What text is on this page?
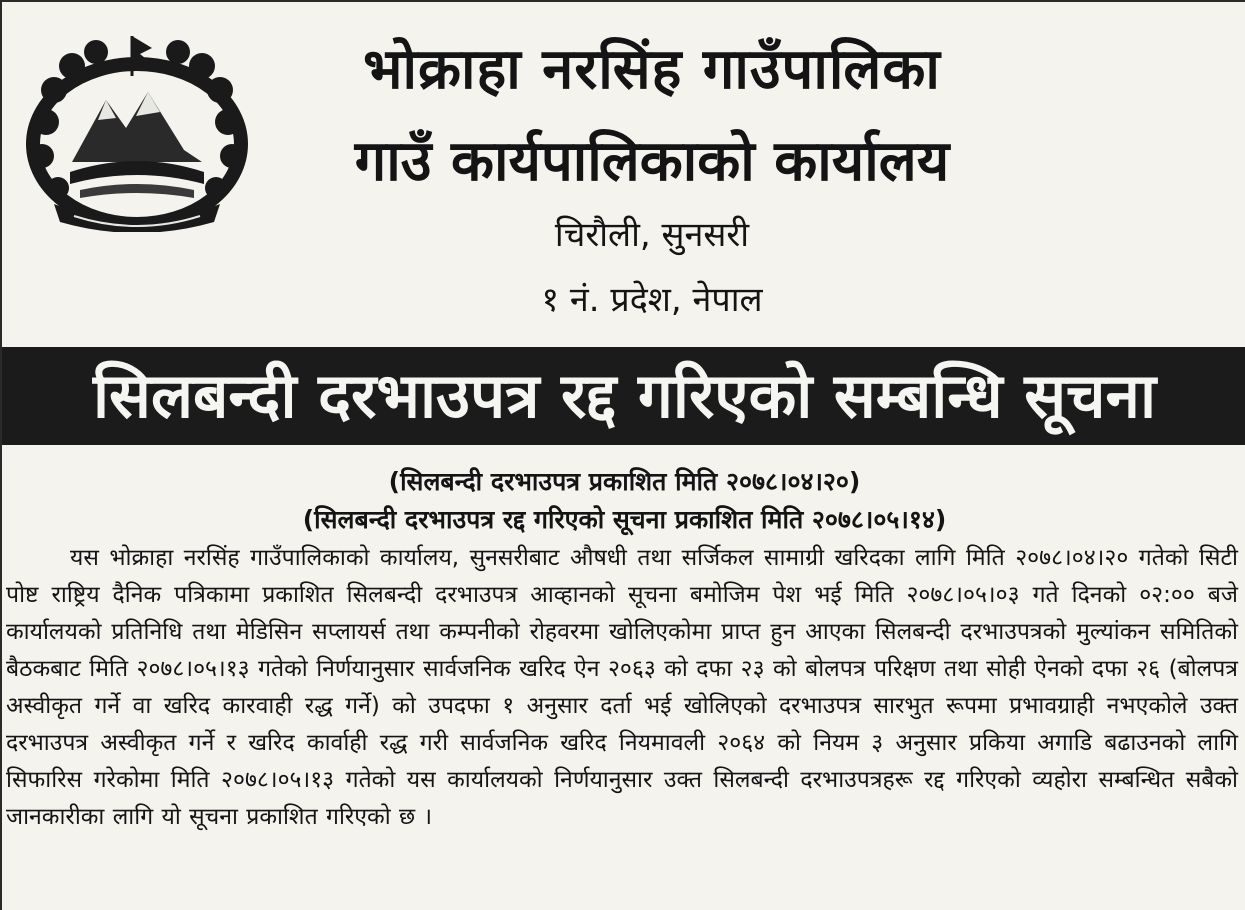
भोक्राहा नरसिंह गाउँपालिका
गाउँ कार्यपालिकाको कार्यालय
चिरौली, सुनसरी
१ नं. प्रदेश, नेपाल
सिलबन्दी दरभाउपत्र रद्द गरिएको सम्बन्धि सूचना
(सिलबन्दी दरभाउपत्र प्रकाशित मिति २०७८।०४।२०)
(सिलबन्दी दरभाउपत्र रद्द गरिएको सूचना प्रकाशित मिति २०७८।०५।१४)

यस भोक्राहा नरसिंह गाउँपालिकाको कार्यालय, सुनसरीबाट औषधी तथा सर्जिकल सामाग्री खरिदका लागि मिति २०७८।०४।२० गतेको सिटी पोष्ट राष्ट्रिय दैनिक पत्रिकामा प्रकाशित सिलबन्दी दरभाउपत्र आव्हानको सूचना बमोजिम पेश भई मिति २०७८।०५।०३ गते दिनको ०२:०० बजे कार्यालयको प्रतिनिधि तथा मेडिसिन सप्लायर्स तथा कम्पनीको रोहवरमा खोलिएकोमा प्राप्त हुन आएका सिलबन्दी दरभाउपत्रको मुल्यांकन समितिको बैठकबाट मिति २०७८।०५।१३ गतेको निर्णयानुसार सार्वजनिक खरिद ऐन २०६३ को दफा २३ को बोलपत्र परिक्षण तथा सोही ऐनको दफा २६ (बोलपत्र अस्वीकृत गर्ने वा खरिद कारवाही रद्ध गर्ने) को उपदफा १ अनुसार दर्ता भई खोलिएको दरभाउपत्र सारभुत रूपमा प्रभावग्राही नभएकोले उक्त दरभाउपत्र अस्वीकृत गर्ने र खरिद कार्वाही रद्ध गरी सार्वजनिक खरिद नियमावली २०६४ को नियम ३ अनुसार प्रकिया अगाडि बढाउनको लागि सिफारिस गरेकोमा मिति २०७८।०५।१३ गतेको यस कार्यालयको निर्णयानुसार उक्त सिलबन्दी दरभाउपत्रहरू रद्द गरिएको व्यहोरा सम्बन्धित सबैको जानकारीका लागि यो सूचना प्रकाशित गरिएको छ ।
